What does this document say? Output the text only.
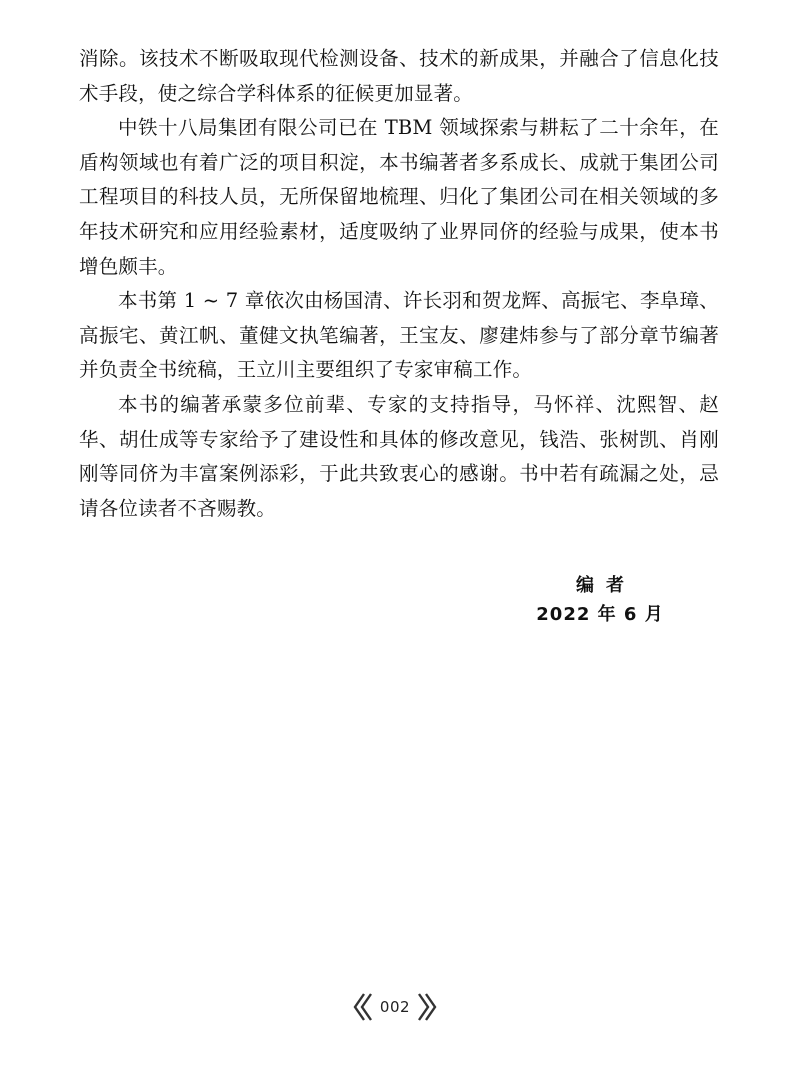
消除。该技术不断吸取现代检测设备、技术的新成果，并融合了信息化技术手段，使之综合学科体系的征候更加显著。

中铁十八局集团有限公司已在 TBM 领域探索与耕耘了二十余年，在盾构领域也有着广泛的项目积淀，本书编著者多系成长、成就于集团公司工程项目的科技人员，无所保留地梳理、归化了集团公司在相关领域的多年技术研究和应用经验素材，适度吸纳了业界同侪的经验与成果，使本书增色颇丰。

本书第 1 ~ 7 章依次由杨国清、许长羽和贺龙辉、高振宅、李阜璋、高振宅、黄江帆、董健文执笔编著，王宝友、廖建炜参与了部分章节编著并负责全书统稿，王立川主要组织了专家审稿工作。

本书的编著承蒙多位前辈、专家的支持指导，马怀祥、沈熙智、赵华、胡仕成等专家给予了建设性和具体的修改意见，钱浩、张树凯、肖刚刚等同侪为丰富案例添彩，于此共致衷心的感谢。书中若有疏漏之处，忌请各位读者不吝赐教。

编者
2022 年 6 月
002
